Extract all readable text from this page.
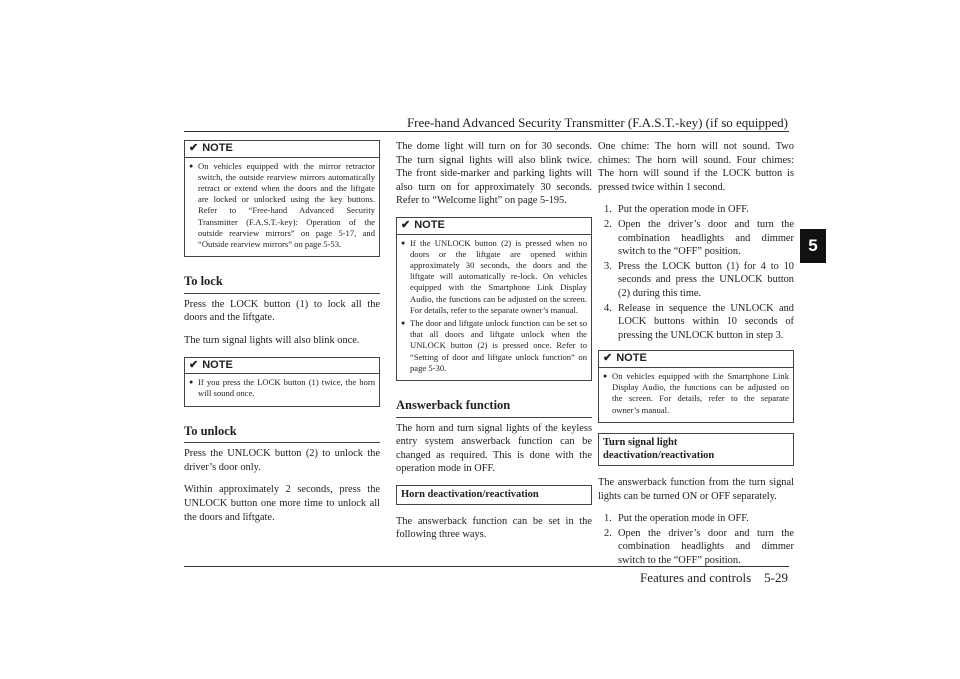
Free-hand Advanced Security Transmitter (F.A.S.T.-key) (if so equipped)
5
✔ NOTE
● On vehicles equipped with the mirror retractor switch, the outside rearview mirrors automatically retract or extend when the doors and the liftgate are locked or unlocked using the key buttons. Refer to “Free-hand Advanced Security Transmitter (F.A.S.T.-key): Operation of the outside rearview mirrors” on page 5-17, and “Outside rearview mirrors” on page 5-53.
To lock

Press the LOCK button (1) to lock all the doors and the liftgate.

The turn signal lights will also blink once.

✔ NOTE
● If you press the LOCK button (1) twice, the horn will sound once.
To unlock

Press the UNLOCK button (2) to unlock the driver’s door only.

Within approximately 2 seconds, press the UNLOCK button one more time to unlock all the doors and liftgate.

The dome light will turn on for 30 seconds. The turn signal lights will also blink twice. The front side-marker and parking lights will also turn on for approximately 30 seconds. Refer to “Welcome light” on page 5-195.

✔ NOTE
● If the UNLOCK button (2) is pressed when no doors or the liftgate are opened within approximately 30 seconds, the doors and the liftgate will automatically re-lock. On vehicles equipped with the Smartphone Link Display Audio, the functions can be adjusted on the screen. For details, refer to the separate owner’s manual.
● The door and liftgate unlock function can be set so that all doors and liftgate unlock when the UNLOCK button (2) is pressed once. Refer to “Setting of door and liftgate unlock function” on page 5-30.
Answerback function

The horn and turn signal lights of the keyless entry system answerback function can be changed as required. This is done with the operation mode in OFF.

Horn deactivation/reactivation

The answerback function can be set in the following three ways.

One chime: The horn will not sound. Two chimes: The horn will sound. Four chimes: The horn will sound if the LOCK button is pressed twice within 1 second.

1. Put the operation mode in OFF.
2. Open the driver’s door and turn the combination headlights and dimmer switch to the “OFF” position.
3. Press the LOCK button (1) for 4 to 10 seconds and press the UNLOCK button (2) during this time.
4. Release in sequence the UNLOCK and LOCK buttons within 10 seconds of pressing the UNLOCK button in step 3.
✔ NOTE
● On vehicles equipped with the Smartphone Link Display Audio, the functions can be adjusted on the screen. For details, refer to the separate owner’s manual.
Turn signal light deactivation/reactivation

The answerback function from the turn signal lights can be turned ON or OFF separately.

1. Put the operation mode in OFF.
2. Open the driver’s door and turn the combination headlights and dimmer switch to the “OFF” position.
Features and controls    5-29
